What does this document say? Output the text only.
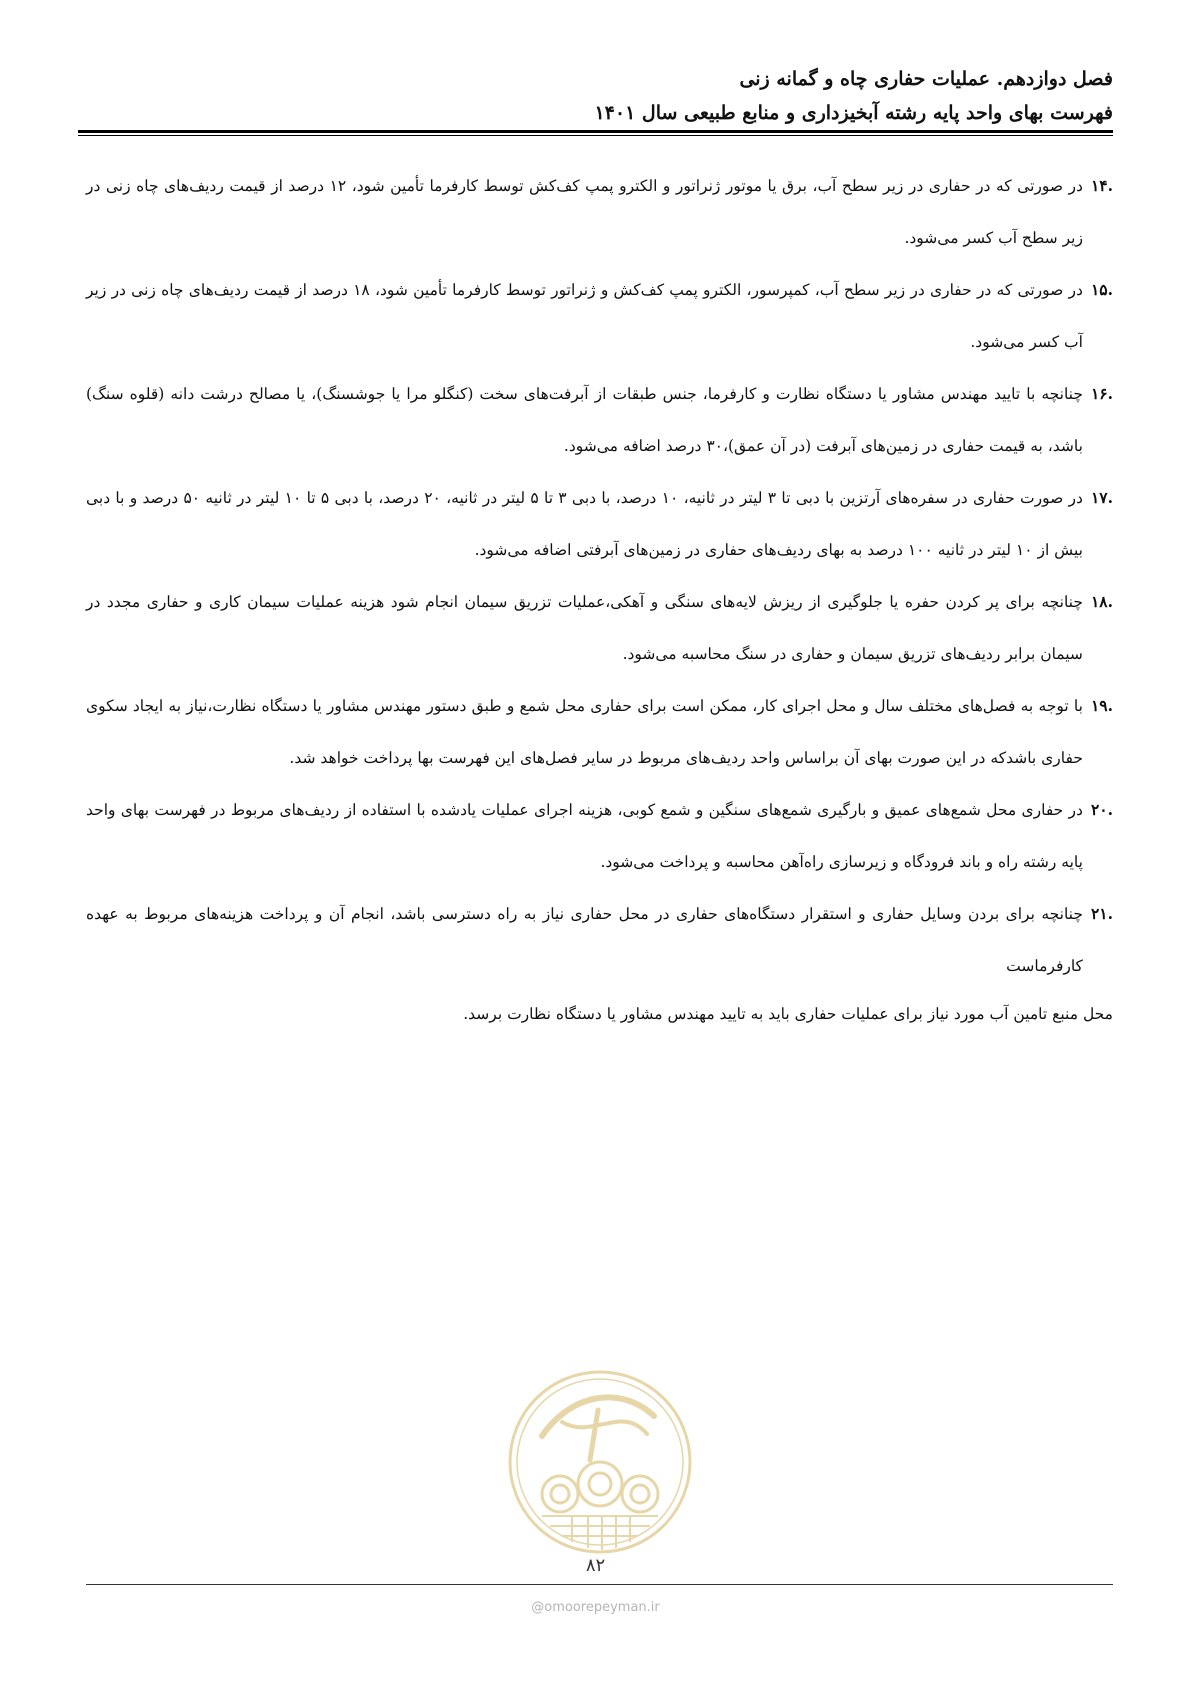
فصل دوازدهم. عملیات حفاری چاه و گمانه زنی
فهرست بهای واحد پایه رشته آبخیزداری و منابع طبیعی سال ۱۴۰۱
.۱۴
در صورتی که در حفاری در زیر سطح آب، برق یا موتور ژنراتور و الکترو پمپ کف‌کش توسط کارفرما تأمین شود، ۱۲ درصد از قیمت ردیف‌های چاه زنی در زیر سطح آب کسر می‌شود.
.۱۵
در صورتی که در حفاری در زیر سطح آب، کمپرسور، الکترو پمپ کف‌کش و ژنراتور توسط کارفرما تأمین شود، ۱۸ درصد از قیمت ردیف‌های چاه زنی در زیر آب کسر می‌شود.
.۱۶
چنانچه با تایید مهندس مشاور یا دستگاه نظارت و کارفرما، جنس طبقات از آبرفت‌های سخت (کنگلو مرا یا جوشسنگ)، یا مصالح درشت دانه (قلوه سنگ) باشد، به قیمت حفاری در زمین‌های آبرفت (در آن عمق)،۳۰ درصد اضافه می‌شود.
.۱۷
در صورت حفاری در سفره‌های آرتزین با دبی تا ۳ لیتر در ثانیه، ۱۰ درصد، با دبی ۳ تا ۵ لیتر در ثانیه، ۲۰ درصد، با دبی ۵ تا ۱۰ لیتر در ثانیه ۵۰ درصد و با دبی بیش از ۱۰ لیتر در ثانیه ۱۰۰ درصد به بهای ردیف‌های حفاری در زمین‌های آبرفتی اضافه می‌شود.
.۱۸
چنانچه برای پر کردن حفره یا جلوگیری از ریزش لایه‌های سنگی و آهکی،عملیات تزریق سیمان انجام شود هزینه عملیات سیمان کاری و حفاری مجدد در سیمان برابر ردیف‌های تزریق سیمان و حفاری در سنگ محاسبه می‌شود.
.۱۹
با توجه به فصل‌های مختلف سال و محل اجرای کار، ممکن است برای حفاری محل شمع و طبق دستور مهندس مشاور یا دستگاه نظارت،نیاز به ایجاد سکوی حفاری باشدکه در این صورت بهای آن براساس واحد ردیف‌های مربوط در سایر فصل‌های این فهرست بها پرداخت خواهد شد.
.۲۰
در حفاری محل شمع‌های عمیق و بارگیری شمع‌های سنگین و شمع کوبی، هزینه اجرای عملیات یادشده با استفاده از ردیف‌های مربوط در فهرست بهای واحد پایه رشته راه و باند فرودگاه و زیرسازی راه‌آهن محاسبه و پرداخت می‌شود.
.۲۱
چنانچه برای بردن وسایل حفاری و استقرار دستگاه‌های حفاری در محل حفاری نیاز به راه دسترسی باشد، انجام آن و پرداخت هزینه‌های مربوط به عهده کارفرماست
محل منبع تامین آب مورد نیاز برای عملیات حفاری باید به تایید مهندس مشاور یا دستگاه نظارت برسد.
۸۲
@omoorepeyman.ir
